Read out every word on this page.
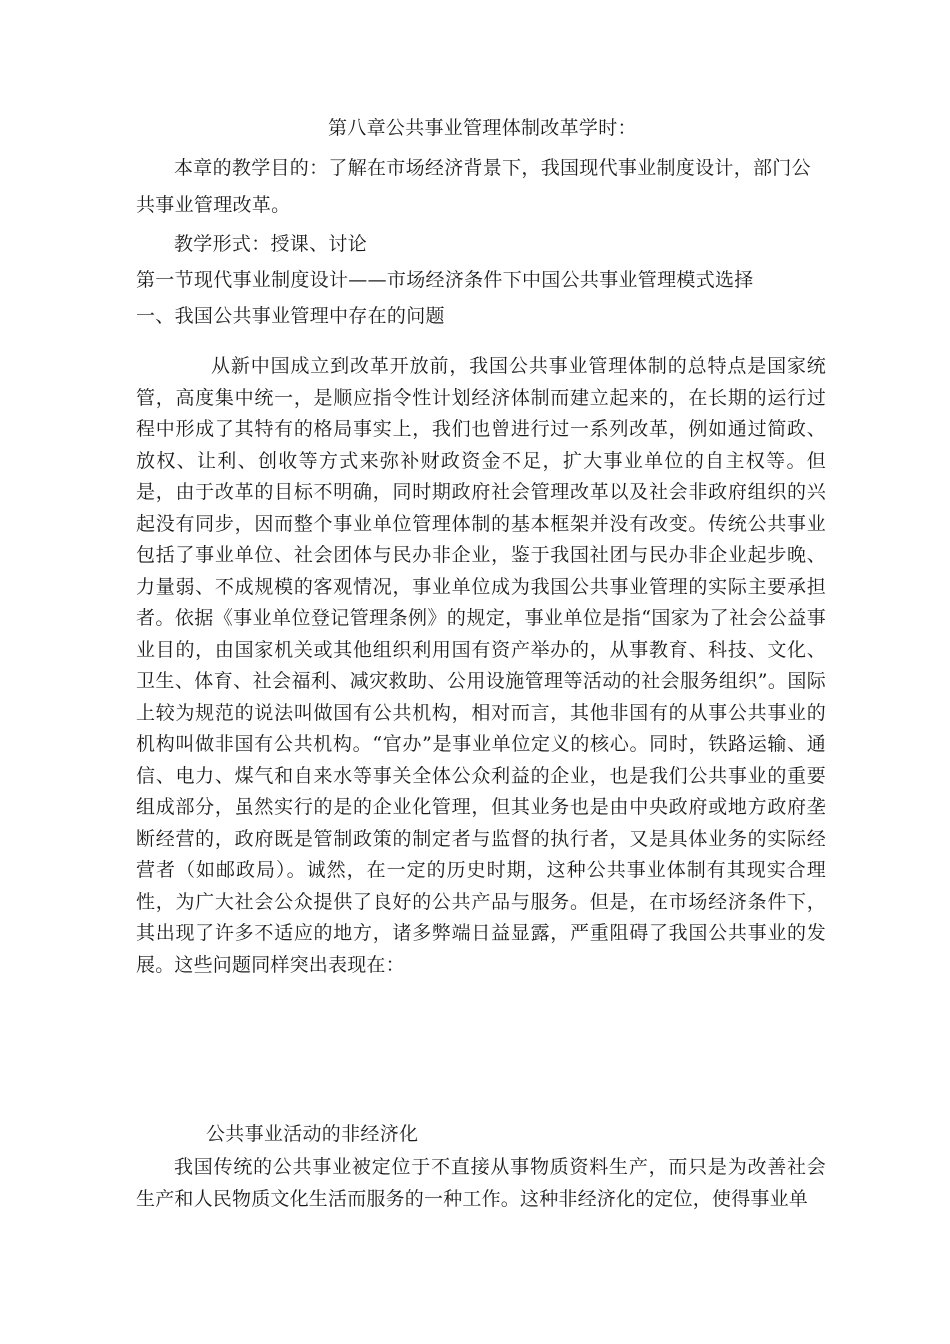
第八章公共事业管理体制改革学时：
本章的教学目的：了解在市场经济背景下，我国现代事业制度设计，部门公
共事业管理改革。
教学形式：授课、讨论
第一节现代事业制度设计——市场经济条件下中国公共事业管理模式选择
一、我国公共事业管理中存在的问题
从新中国成立到改革开放前，我国公共事业管理体制的总特点是国家统管，高度集中统一，是顺应指令性计划经济体制而建立起来的，在长期的运行过程中形成了其特有的格局事实上，我们也曾进行过一系列改革，例如通过简政、放权、让利、创收等方式来弥补财政资金不足，扩大事业单位的自主权等。但是，由于改革的目标不明确，同时期政府社会管理改革以及社会非政府组织的兴起没有同步，因而整个事业单位管理体制的基本框架并没有改变。传统公共事业包括了事业单位、社会团体与民办非企业，鉴于我国社团与民办非企业起步晚、力量弱、不成规模的客观情况，事业单位成为我国公共事业管理的实际主要承担者。依据《事业单位登记管理条例》的规定，事业单位是指“国家为了社会公益事业目的，由国家机关或其他组织利用国有资产举办的，从事教育、科技、文化、卫生、体育、社会福利、减灾救助、公用设施管理等活动的社会服务组织”。国际上较为规范的说法叫做国有公共机构，相对而言，其他非国有的从事公共事业的机构叫做非国有公共机构。“官办”是事业单位定义的核心。同时，铁路运输、通信、电力、煤气和自来水等事关全体公众利益的企业，也是我们公共事业的重要组成部分，虽然实行的是的企业化管理，但其业务也是由中央政府或地方政府垄断经营的，政府既是管制政策的制定者与监督的执行者，又是具体业务的实际经营者（如邮政局）。诚然，在一定的历史时期，这种公共事业体制有其现实合理性，为广大社会公众提供了良好的公共产品与服务。但是，在市场经济条件下，其出现了许多不适应的地方，诸多弊端日益显露，严重阻碍了我国公共事业的发展。这些问题同样突出表现在：
公共事业活动的非经济化
我国传统的公共事业被定位于不直接从事物质资料生产，而只是为改善社会生产和人民物质文化生活而服务的一种工作。这种非经济化的定位，使得事业单
